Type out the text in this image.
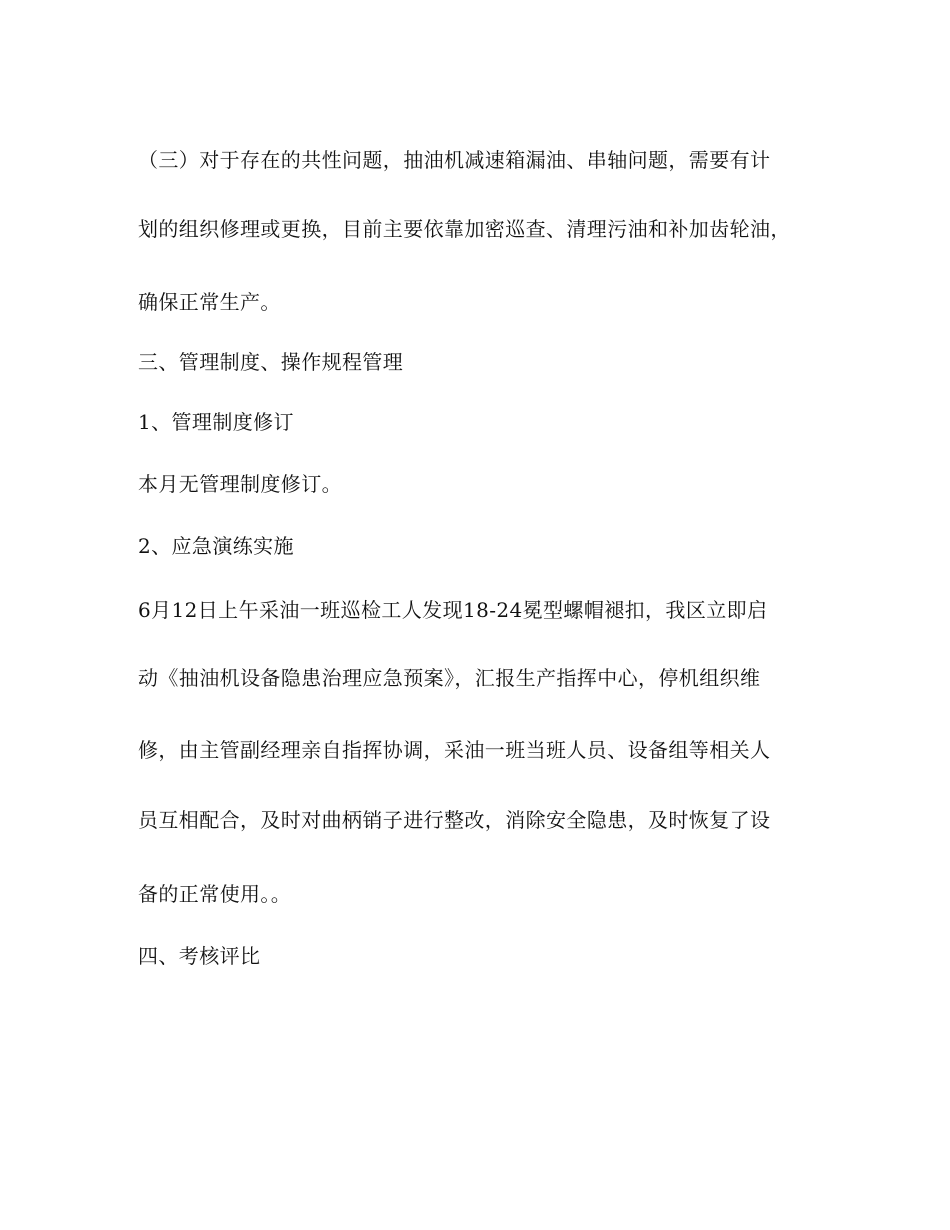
（三）对于存在的共性问题，抽油机减速箱漏油、串轴问题，需要有计
划的组织修理或更换，目前主要依靠加密巡查、清理污油和补加齿轮油，
确保正常生产。
三、管理制度、操作规程管理
1、管理制度修订
本月无管理制度修订。
2、应急演练实施
6月12日上午采油一班巡检工人发现18-24冕型螺帽褪扣，我区立即启
动《抽油机设备隐患治理应急预案》，汇报生产指挥中心，停机组织维
修，由主管副经理亲自指挥协调，采油一班当班人员、设备组等相关人
员互相配合，及时对曲柄销子进行整改，消除安全隐患，及时恢复了设
备的正常使用。。
四、考核评比
